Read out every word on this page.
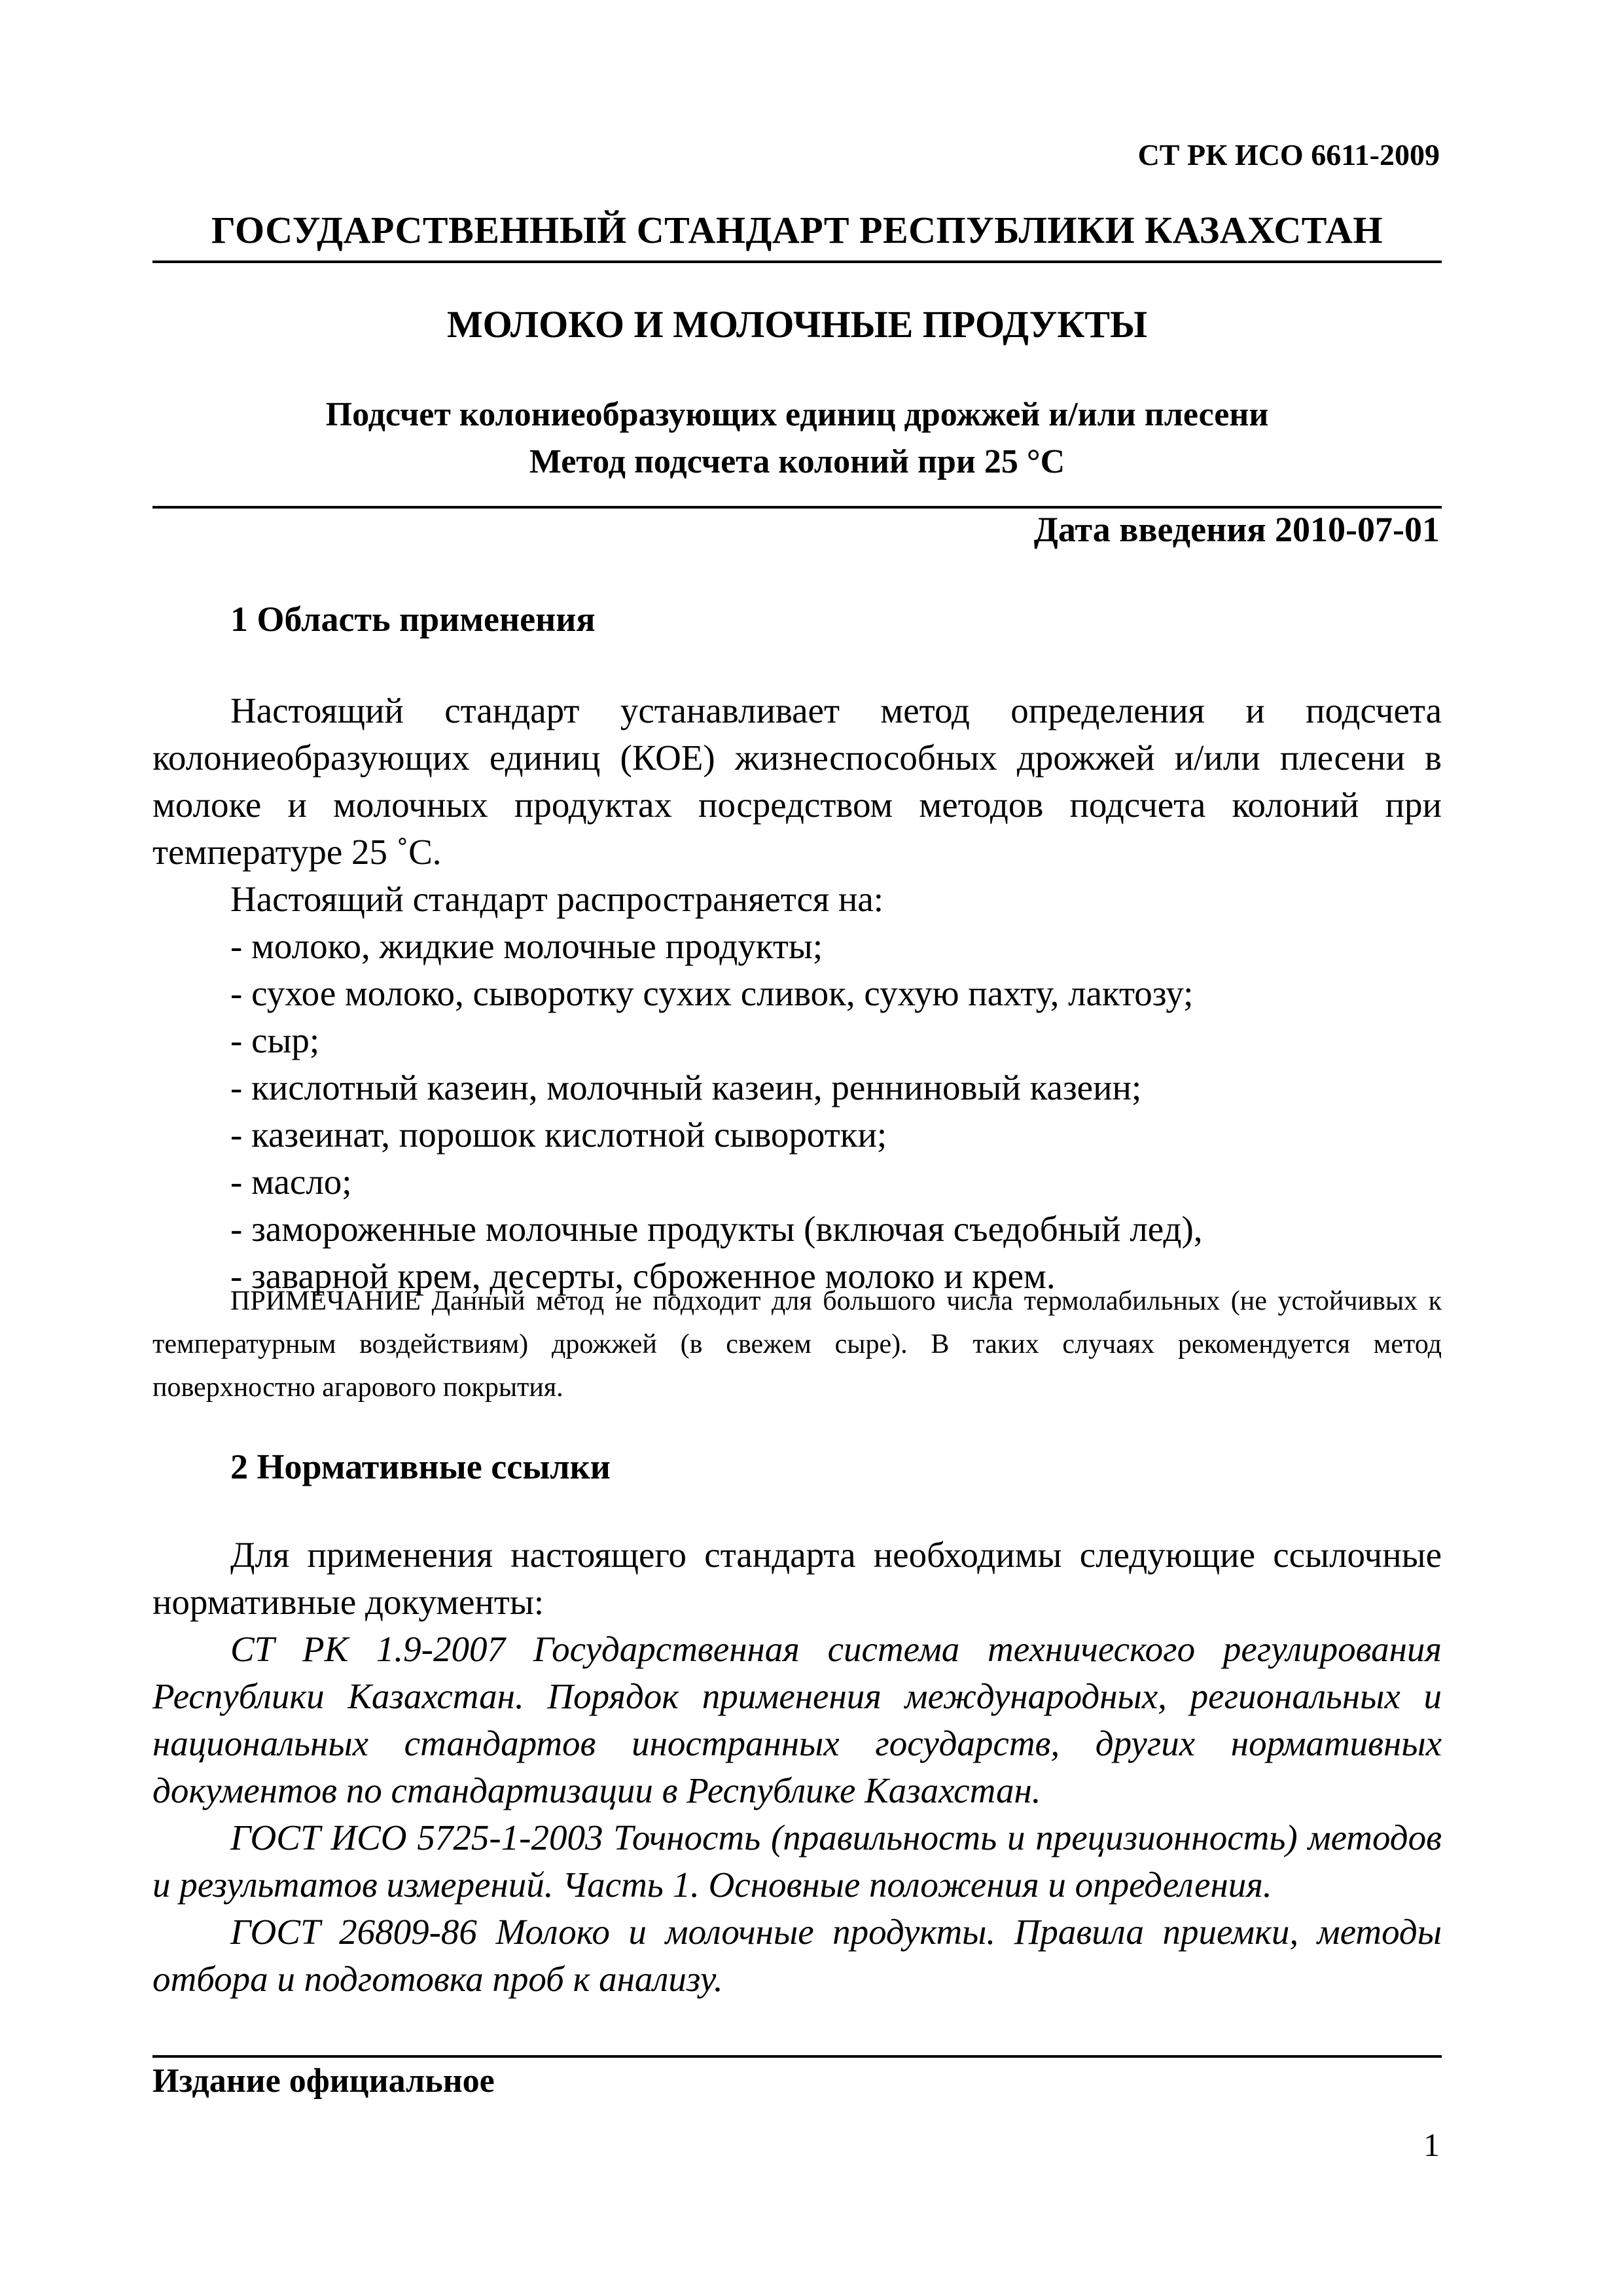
СТ РК ИСО 6611-2009
ГОСУДАРСТВЕННЫЙ СТАНДАРТ РЕСПУБЛИКИ КАЗАХСТАН
МОЛОКО И МОЛОЧНЫЕ ПРОДУКТЫ
Подсчет колониеобразующих единиц дрожжей и/или плесени
Метод подсчета колоний при 25 °С
Дата введения 2010-07-01
1 Область применения

Настоящий стандарт устанавливает метод определения и подсчета колониеобразующих единиц (КОЕ) жизнеспособных дрожжей и/или плесени в молоке и молочных продуктах посредством методов подсчета колоний при температуре 25 ˚С.

Настоящий стандарт распространяется на:

- молоко, жидкие молочные продукты;
- сухое молоко, сыворотку сухих сливок, сухую пахту, лактозу;
- сыр;
- кислотный казеин, молочный казеин, ренниновый казеин;
- казеинат, порошок кислотной сыворотки;
- масло;
- замороженные молочные продукты (включая съедобный лед),
- заварной крем, десерты, сброженное молоко и крем.

ПРИМЕЧАНИЕ Данный метод не подходит для большого числа термолабильных (не устойчивых к температурным воздействиям) дрожжей (в свежем сыре). В таких случаях рекомендуется метод поверхностно агарового покрытия.

2 Нормативные ссылки

Для применения настоящего стандарта необходимы следующие ссылочные нормативные документы:

СТ РК 1.9-2007 Государственная система технического регулирования Республики Казахстан. Порядок применения международных, региональных и национальных стандартов иностранных государств, других нормативных документов по стандартизации в Республике Казахстан.

ГОСТ ИСО 5725-1-2003 Точность (правильность и прецизионность) методов и результатов измерений. Часть 1. Основные положения и определения.

ГОСТ 26809-86 Молоко и молочные продукты. Правила приемки, методы отбора и подготовка проб к анализу.

Издание официальное
1
